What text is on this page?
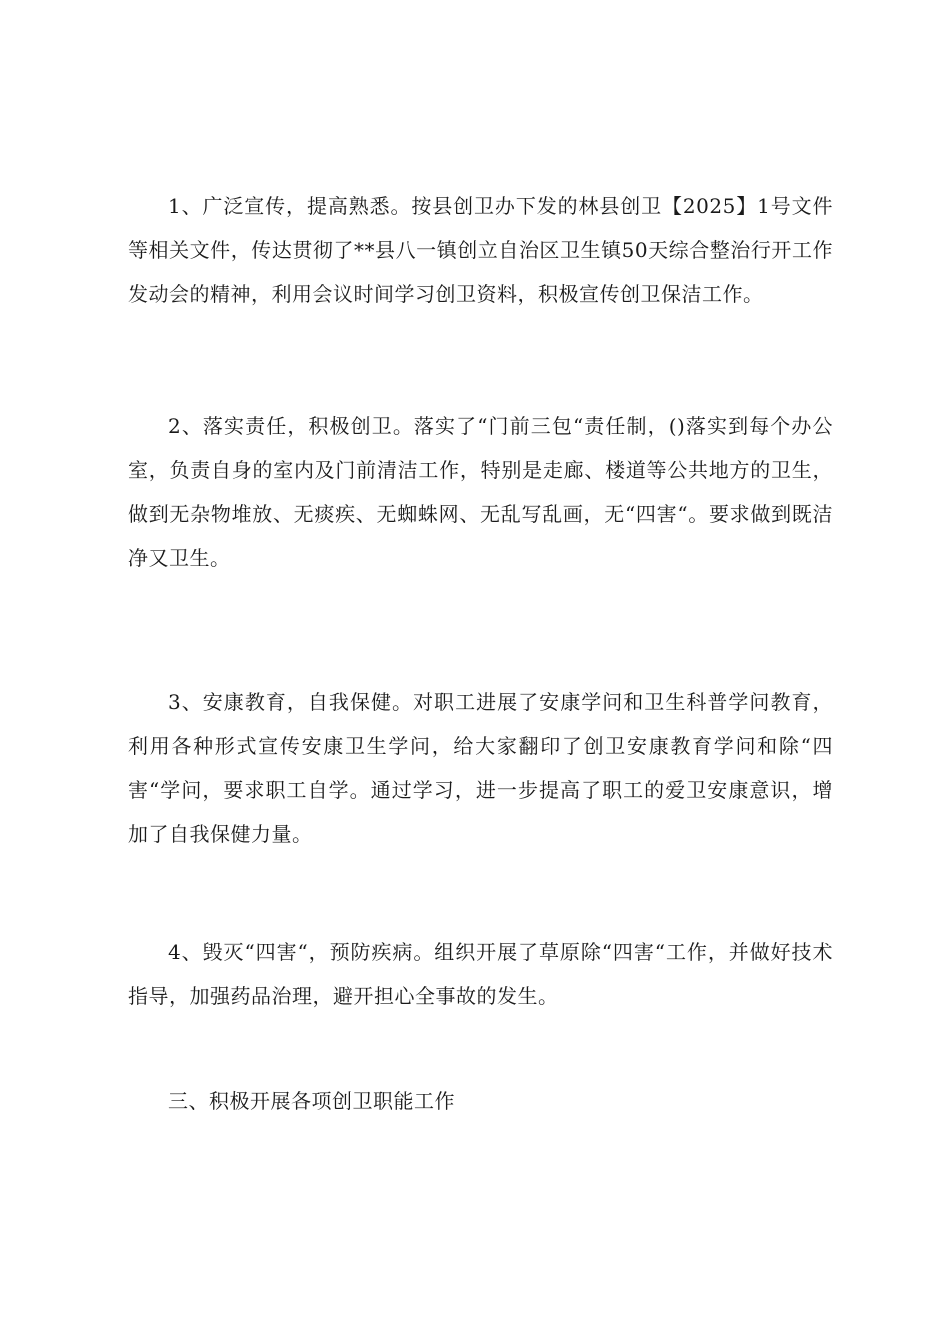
1、广泛宣传，提高熟悉。按县创卫办下发的林县创卫【2025】1号文件等相关文件，传达贯彻了**县八一镇创立自治区卫生镇50天综合整治行开工作发动会的精神，利用会议时间学习创卫资料，积极宣传创卫保洁工作。

2、落实责任，积极创卫。落实了“门前三包“责任制，()落实到每个办公室，负责自身的室内及门前清洁工作，特别是走廊、楼道等公共地方的卫生，做到无杂物堆放、无痰疾、无蜘蛛网、无乱写乱画，无“四害“。要求做到既洁净又卫生。

3、安康教育，自我保健。对职工进展了安康学问和卫生科普学问教育，利用各种形式宣传安康卫生学问，给大家翻印了创卫安康教育学问和除“四害“学问，要求职工自学。通过学习，进一步提高了职工的爱卫安康意识，增加了自我保健力量。

4、毁灭“四害“，预防疾病。组织开展了草原除“四害“工作，并做好技术指导，加强药品治理，避开担心全事故的发生。

三、积极开展各项创卫职能工作
